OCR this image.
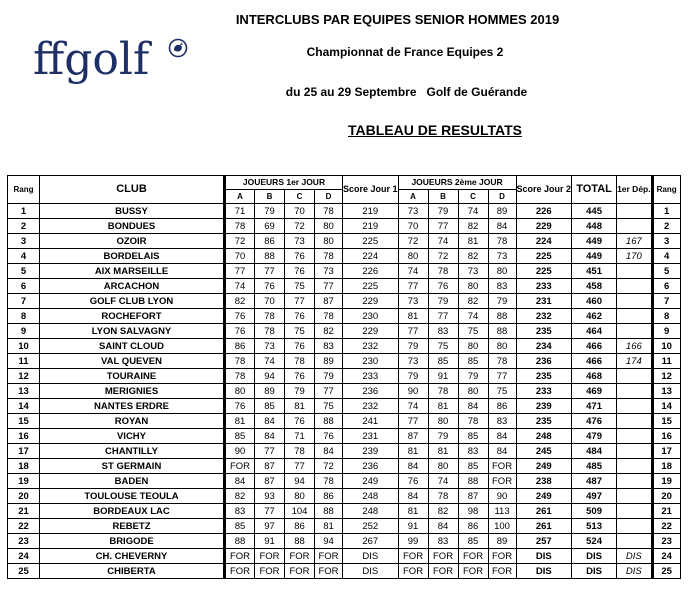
ffgolf
INTERCLUBS PAR EQUIPES SENIOR HOMMES 2019
Championnat de France Equipes 2
du 25 au 29 Septembre Golf de Guérande
TABLEAU DE RESULTATS
Rang	CLUB	JOUEURS 1er JOUR				Score Jour 1	JOUEURS 2ème JOUR				Score Jour 2	TOTAL	1er Dép.	Rang
		A	B	C	D		A	B	C	D				
1	BUSSY	71	79	70	78	219	73	79	74	89	226	445		1
2	BONDUES	78	69	72	80	219	70	77	82	84	229	448		2
3	OZOIR	72	86	73	80	225	72	74	81	78	224	449	167	3
4	BORDELAIS	70	88	76	78	224	80	72	82	73	225	449	170	4
5	AIX MARSEILLE	77	77	76	73	226	74	78	73	80	225	451		5
6	ARCACHON	74	76	75	77	225	77	76	80	83	233	458		6
7	GOLF CLUB LYON	82	70	77	87	229	73	79	82	79	231	460		7
8	ROCHEFORT	76	78	76	78	230	81	77	74	88	232	462		8
9	LYON SALVAGNY	76	78	75	82	229	77	83	75	88	235	464		9
10	SAINT CLOUD	86	73	76	83	232	79	75	80	80	234	466	166	10
11	VAL QUEVEN	78	74	78	89	230	73	85	85	78	236	466	174	11
12	TOURAINE	78	94	76	79	233	79	91	79	77	235	468		12
13	MERIGNIES	80	89	79	77	236	90	78	80	75	233	469		13
14	NANTES ERDRE	76	85	81	75	232	74	81	84	86	239	471		14
15	ROYAN	81	84	76	88	241	77	80	78	83	235	476		15
16	VICHY	85	84	71	76	231	87	79	85	84	248	479		16
17	CHANTILLY	90	77	78	84	239	81	81	83	84	245	484		17
18	ST GERMAIN	FOR	87	77	72	236	84	80	85	FOR	249	485		18
19	BADEN	84	87	94	78	249	76	74	88	FOR	238	487		19
20	TOULOUSE TEOULA	82	93	80	86	248	84	78	87	90	249	497		20
21	BORDEAUX LAC	83	77	104	88	248	81	82	98	113	261	509		21
22	REBETZ	85	97	86	81	252	91	84	86	100	261	513		22
23	BRIGODE	88	91	88	94	267	99	83	85	89	257	524		23
24	CH. CHEVERNY	FOR	FOR	FOR	FOR	DIS	FOR	FOR	FOR	FOR	DIS	DIS	DIS	24
25	CHIBERTA	FOR	FOR	FOR	FOR	DIS	FOR	FOR	FOR	FOR	DIS	DIS	DIS	25
